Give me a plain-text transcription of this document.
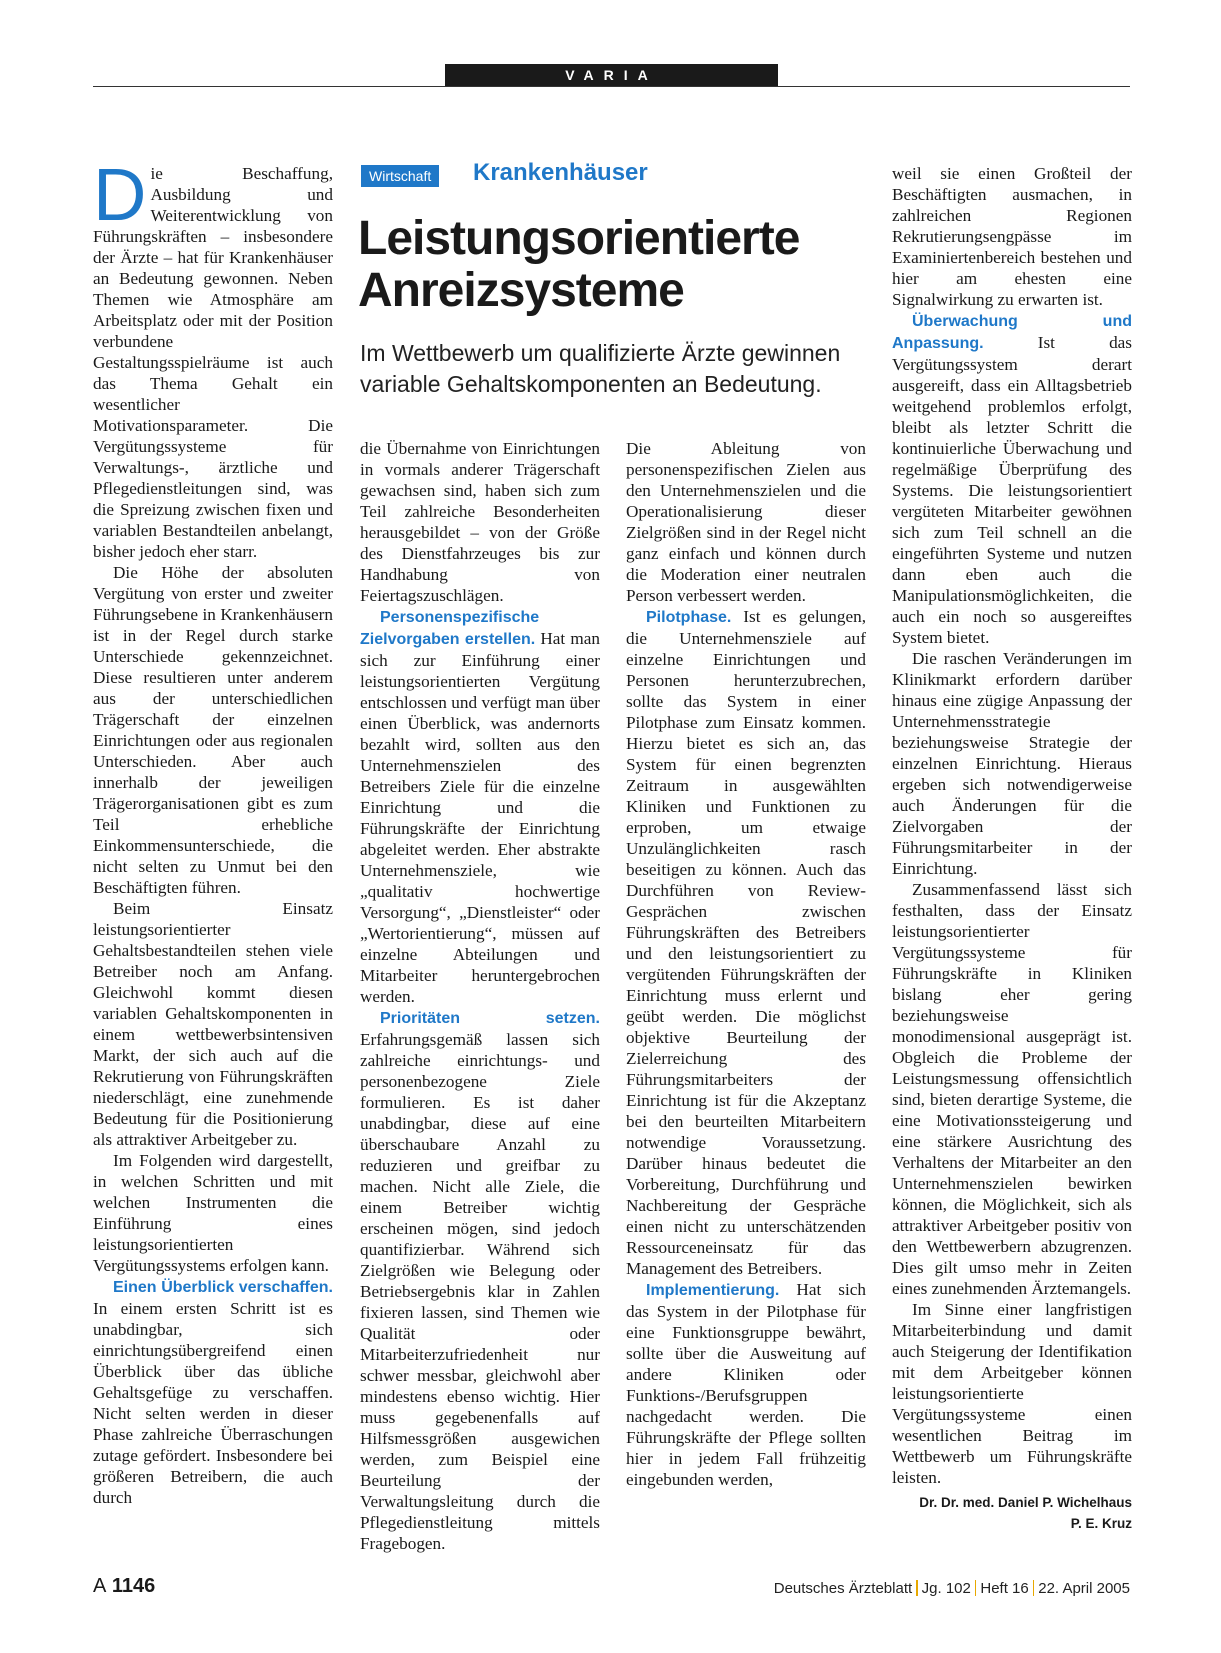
VARIA
Wirtschaft	Krankenhäuser
Leistungsorientierte
Anreizsysteme
Im Wettbewerb um qualifizierte Ärzte gewinnen variable Gehaltskomponenten an Bedeutung.

Die Beschaffung, Ausbildung und Weiterentwicklung von Führungskräften – insbesondere der Ärzte – hat für Krankenhäuser an Bedeutung gewonnen. Neben Themen wie Atmosphäre am Arbeitsplatz oder mit der Position verbundene Gestaltungsspielräume ist auch das Thema Gehalt ein wesentlicher Motivationsparameter. Die Vergütungssysteme für Verwaltungs-, ärztliche und Pflegedienstleitungen sind, was die Spreizung zwischen fixen und variablen Bestandteilen anbelangt, bisher jedoch eher starr.

Die Höhe der absoluten Vergütung von erster und zweiter Führungsebene in Krankenhäusern ist in der Regel durch starke Unterschiede gekennzeichnet. Diese resultieren unter anderem aus der unterschiedlichen Trägerschaft der einzelnen Einrichtungen oder aus regionalen Unterschieden. Aber auch innerhalb der jeweiligen Trägerorganisationen gibt es zum Teil erhebliche Einkommensunterschiede, die nicht selten zu Unmut bei den Beschäftigten führen.

Beim Einsatz leistungsorientierter Gehaltsbestandteilen stehen viele Betreiber noch am Anfang. Gleichwohl kommt diesen variablen Gehaltskomponenten in einem wettbewerbsintensiven Markt, der sich auch auf die Rekrutierung von Führungskräften niederschlägt, eine zunehmende Bedeutung für die Positionierung als attraktiver Arbeitgeber zu.

Im Folgenden wird dargestellt, in welchen Schritten und mit welchen Instrumenten die Einführung eines leistungsorientierten Vergütungssystems erfolgen kann.

Einen Überblick verschaffen. In einem ersten Schritt ist es unabdingbar, sich einrichtungsübergreifend einen Überblick über das übliche Gehaltsgefüge zu verschaffen. Nicht selten werden in dieser Phase zahlreiche Überraschungen zutage gefördert. Insbesondere bei größeren Betreibern, die auch durch

die Übernahme von Einrichtungen in vormals anderer Trägerschaft gewachsen sind, haben sich zum Teil zahlreiche Besonderheiten herausgebildet – von der Größe des Dienstfahrzeuges bis zur Handhabung von Feiertagszuschlägen.

Personenspezifische Zielvorgaben erstellen. Hat man sich zur Einführung einer leistungsorientierten Vergütung entschlossen und verfügt man über einen Überblick, was andernorts bezahlt wird, sollten aus den Unternehmenszielen des Betreibers Ziele für die einzelne Einrichtung und die Führungskräfte der Einrichtung abgeleitet werden. Eher abstrakte Unternehmensziele, wie „qualitativ hochwertige Versorgung“, „Dienstleister“ oder „Wertorientierung“, müssen auf einzelne Abteilungen und Mitarbeiter heruntergebrochen werden.

Prioritäten setzen. Erfahrungsgemäß lassen sich zahlreiche einrichtungs- und personenbezogene Ziele formulieren. Es ist daher unabdingbar, diese auf eine überschaubare Anzahl zu reduzieren und greifbar zu machen. Nicht alle Ziele, die einem Betreiber wichtig erscheinen mögen, sind jedoch quantifizierbar. Während sich Zielgrößen wie Belegung oder Betriebsergebnis klar in Zahlen fixieren lassen, sind Themen wie Qualität oder Mitarbeiterzufriedenheit nur schwer messbar, gleichwohl aber mindestens ebenso wichtig. Hier muss gegebenenfalls auf Hilfsmessgrößen ausgewichen werden, zum Beispiel eine Beurteilung der Verwaltungsleitung durch die Pflegedienstleitung mittels Fragebogen.

Die Ableitung von personenspezifischen Zielen aus den Unternehmenszielen und die Operationalisierung dieser Zielgrößen sind in der Regel nicht ganz einfach und können durch die Moderation einer neutralen Person verbessert werden.

Pilotphase. Ist es gelungen, die Unternehmensziele auf einzelne Einrichtungen und Personen herunterzubrechen, sollte das System in einer Pilotphase zum Einsatz kommen. Hierzu bietet es sich an, das System für einen begrenzten Zeitraum in ausgewählten Kliniken und Funktionen zu erproben, um etwaige Unzulänglichkeiten rasch beseitigen zu können. Auch das Durchführen von Review-Gesprächen zwischen Führungskräften des Betreibers und den leistungsorientiert zu vergütenden Führungskräften der Einrichtung muss erlernt und geübt werden. Die möglichst objektive Beurteilung der Zielerreichung des Führungsmitarbeiters der Einrichtung ist für die Akzeptanz bei den beurteilten Mitarbeitern notwendige Voraussetzung. Darüber hinaus bedeutet die Vorbereitung, Durchführung und Nachbereitung der Gespräche einen nicht zu unterschätzenden Ressourceneinsatz für das Management des Betreibers.

Implementierung. Hat sich das System in der Pilotphase für eine Funktionsgruppe bewährt, sollte über die Ausweitung auf andere Kliniken oder Funktions-/Berufsgruppen nachgedacht werden. Die Führungskräfte der Pflege sollten hier in jedem Fall frühzeitig eingebunden werden,

weil sie einen Großteil der Beschäftigten ausmachen, in zahlreichen Regionen Rekrutierungsengpässe im Examiniertenbereich bestehen und hier am ehesten eine Signalwirkung zu erwarten ist.

Überwachung und Anpassung. Ist das Vergütungssystem derart ausgereift, dass ein Alltagsbetrieb weitgehend problemlos erfolgt, bleibt als letzter Schritt die kontinuierliche Überwachung und regelmäßige Überprüfung des Systems. Die leistungsorientiert vergüteten Mitarbeiter gewöhnen sich zum Teil schnell an die eingeführten Systeme und nutzen dann eben auch die Manipulationsmöglichkeiten, die auch ein noch so ausgereiftes System bietet.

Die raschen Veränderungen im Klinikmarkt erfordern darüber hinaus eine zügige Anpassung der Unternehmensstrategie beziehungsweise Strategie der einzelnen Einrichtung. Hieraus ergeben sich notwendigerweise auch Änderungen für die Zielvorgaben der Führungsmitarbeiter in der Einrichtung.

Zusammenfassend lässt sich festhalten, dass der Einsatz leistungsorientierter Vergütungssysteme für Führungskräfte in Kliniken bislang eher gering beziehungsweise monodimensional ausgeprägt ist. Obgleich die Probleme der Leistungsmessung offensichtlich sind, bieten derartige Systeme, die eine Motivationssteigerung und eine stärkere Ausrichtung des Verhaltens der Mitarbeiter an den Unternehmenszielen bewirken können, die Möglichkeit, sich als attraktiver Arbeitgeber positiv von den Wettbewerbern abzugrenzen. Dies gilt umso mehr in Zeiten eines zunehmenden Ärztemangels.

Im Sinne einer langfristigen Mitarbeiterbindung und damit auch Steigerung der Identifikation mit dem Arbeitgeber können leistungsorientierte Vergütungssysteme einen wesentlichen Beitrag im Wettbewerb um Führungskräfte leisten.

Dr. Dr. med. Daniel P. Wichelhaus
P. E. Kruz
A 1146	Deutsches Ärzteblatt Jg. 102 Heft 16 22. April 2005
